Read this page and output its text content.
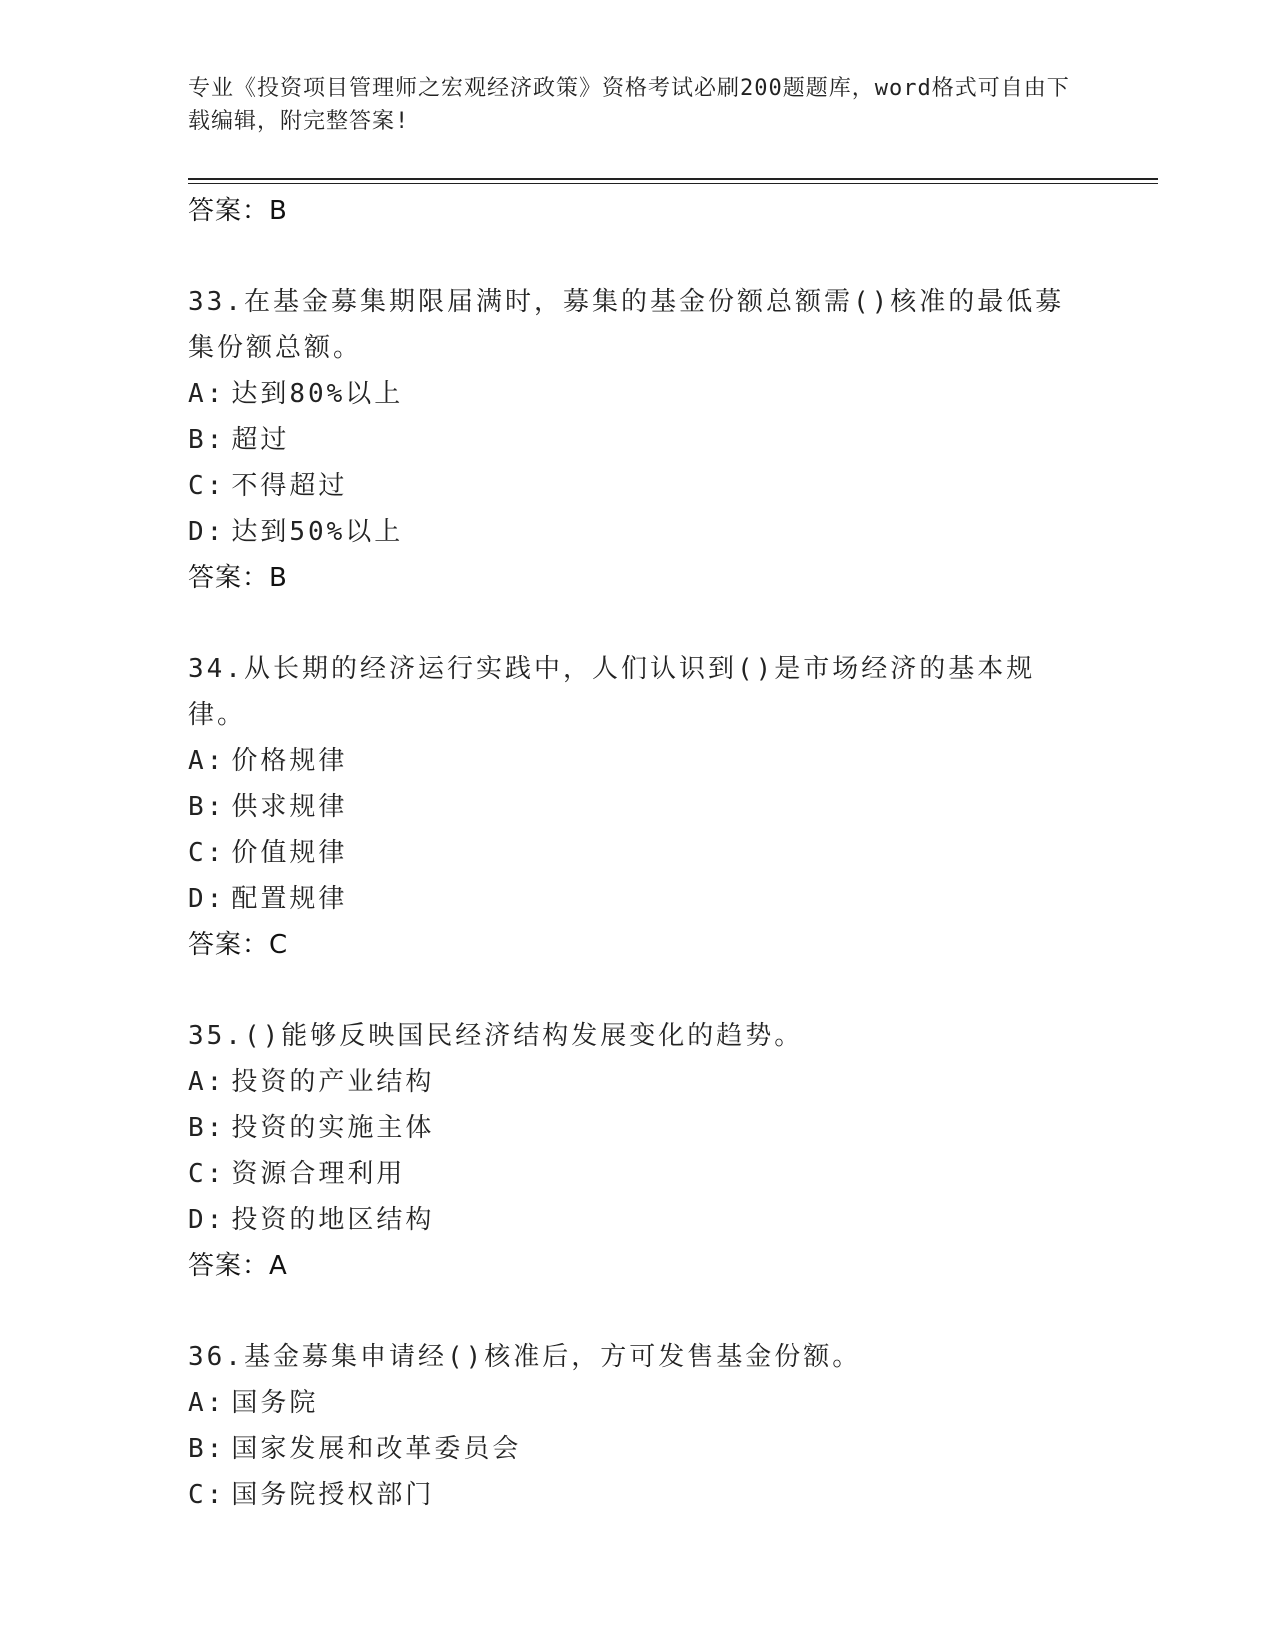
专业《投资项目管理师之宏观经济政策》资格考试必刷200题题库，word格式可自由下载编辑，附完整答案!
答案：B
33.在基金募集期限届满时，募集的基金份额总额需()核准的最低募集份额总额。
A: 达到80%以上
B: 超过
C: 不得超过
D: 达到50%以上
答案：B
34.从长期的经济运行实践中，人们认识到()是市场经济的基本规律。
A: 价格规律
B: 供求规律
C: 价值规律
D: 配置规律
答案：C
35.()能够反映国民经济结构发展变化的趋势。
A: 投资的产业结构
B: 投资的实施主体
C: 资源合理利用
D: 投资的地区结构
答案：A
36.基金募集申请经()核准后，方可发售基金份额。
A: 国务院
B: 国家发展和改革委员会
C: 国务院授权部门
